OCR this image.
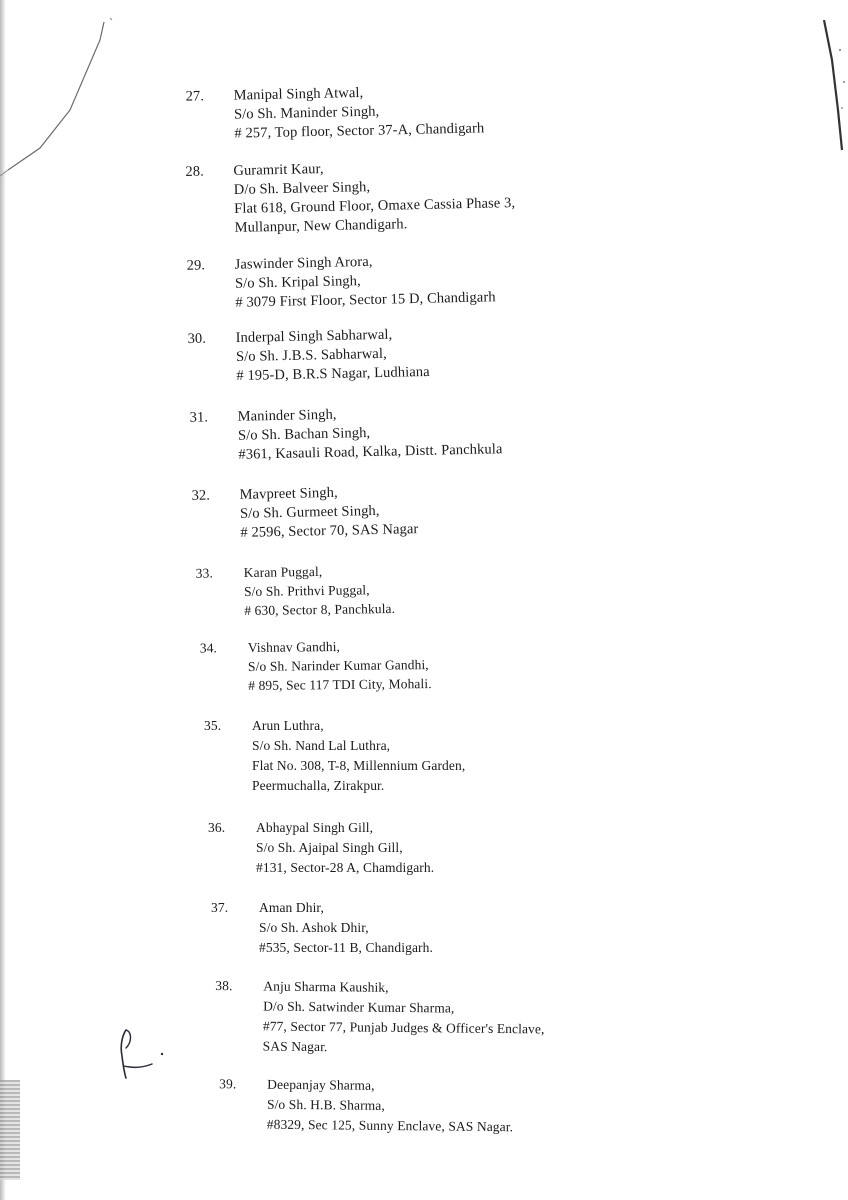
27.	Manipal Singh Atwal,
S/o Sh. Maninder Singh,
# 257, Top floor, Sector 37-A, Chandigarh
28.	Guramrit Kaur,
D/o Sh. Balveer Singh,
Flat 618, Ground Floor, Omaxe Cassia Phase 3,
Mullanpur, New Chandigarh.
29.	Jaswinder Singh Arora,
S/o Sh. Kripal Singh,
# 3079 First Floor, Sector 15 D, Chandigarh
30.	Inderpal Singh Sabharwal,
S/o Sh. J.B.S. Sabharwal,
# 195-D, B.R.S Nagar, Ludhiana
31.	Maninder Singh,
S/o Sh. Bachan Singh,
#361, Kasauli Road, Kalka, Distt. Panchkula
32.	Mavpreet Singh,
S/o Sh. Gurmeet Singh,
# 2596, Sector 70, SAS Nagar
33.	Karan Puggal,
S/o Sh. Prithvi Puggal,
# 630, Sector 8, Panchkula.
34.	Vishnav Gandhi,
S/o Sh. Narinder Kumar Gandhi,
# 895, Sec 117 TDI City, Mohali.
35.	Arun Luthra,
S/o Sh. Nand Lal Luthra,
Flat No. 308, T-8, Millennium Garden,
Peermuchalla, Zirakpur.
36.	Abhaypal Singh Gill,
S/o Sh. Ajaipal Singh Gill,
#131, Sector-28 A, Chamdigarh.
37.	Aman Dhir,
S/o Sh. Ashok Dhir,
#535, Sector-11 B, Chandigarh.
38.	Anju Sharma Kaushik,
D/o Sh. Satwinder Kumar Sharma,
#77, Sector 77, Punjab Judges & Officer's Enclave,
SAS Nagar.
39.	Deepanjay Sharma,
S/o Sh. H.B. Sharma,
#8329, Sec 125, Sunny Enclave, SAS Nagar.
